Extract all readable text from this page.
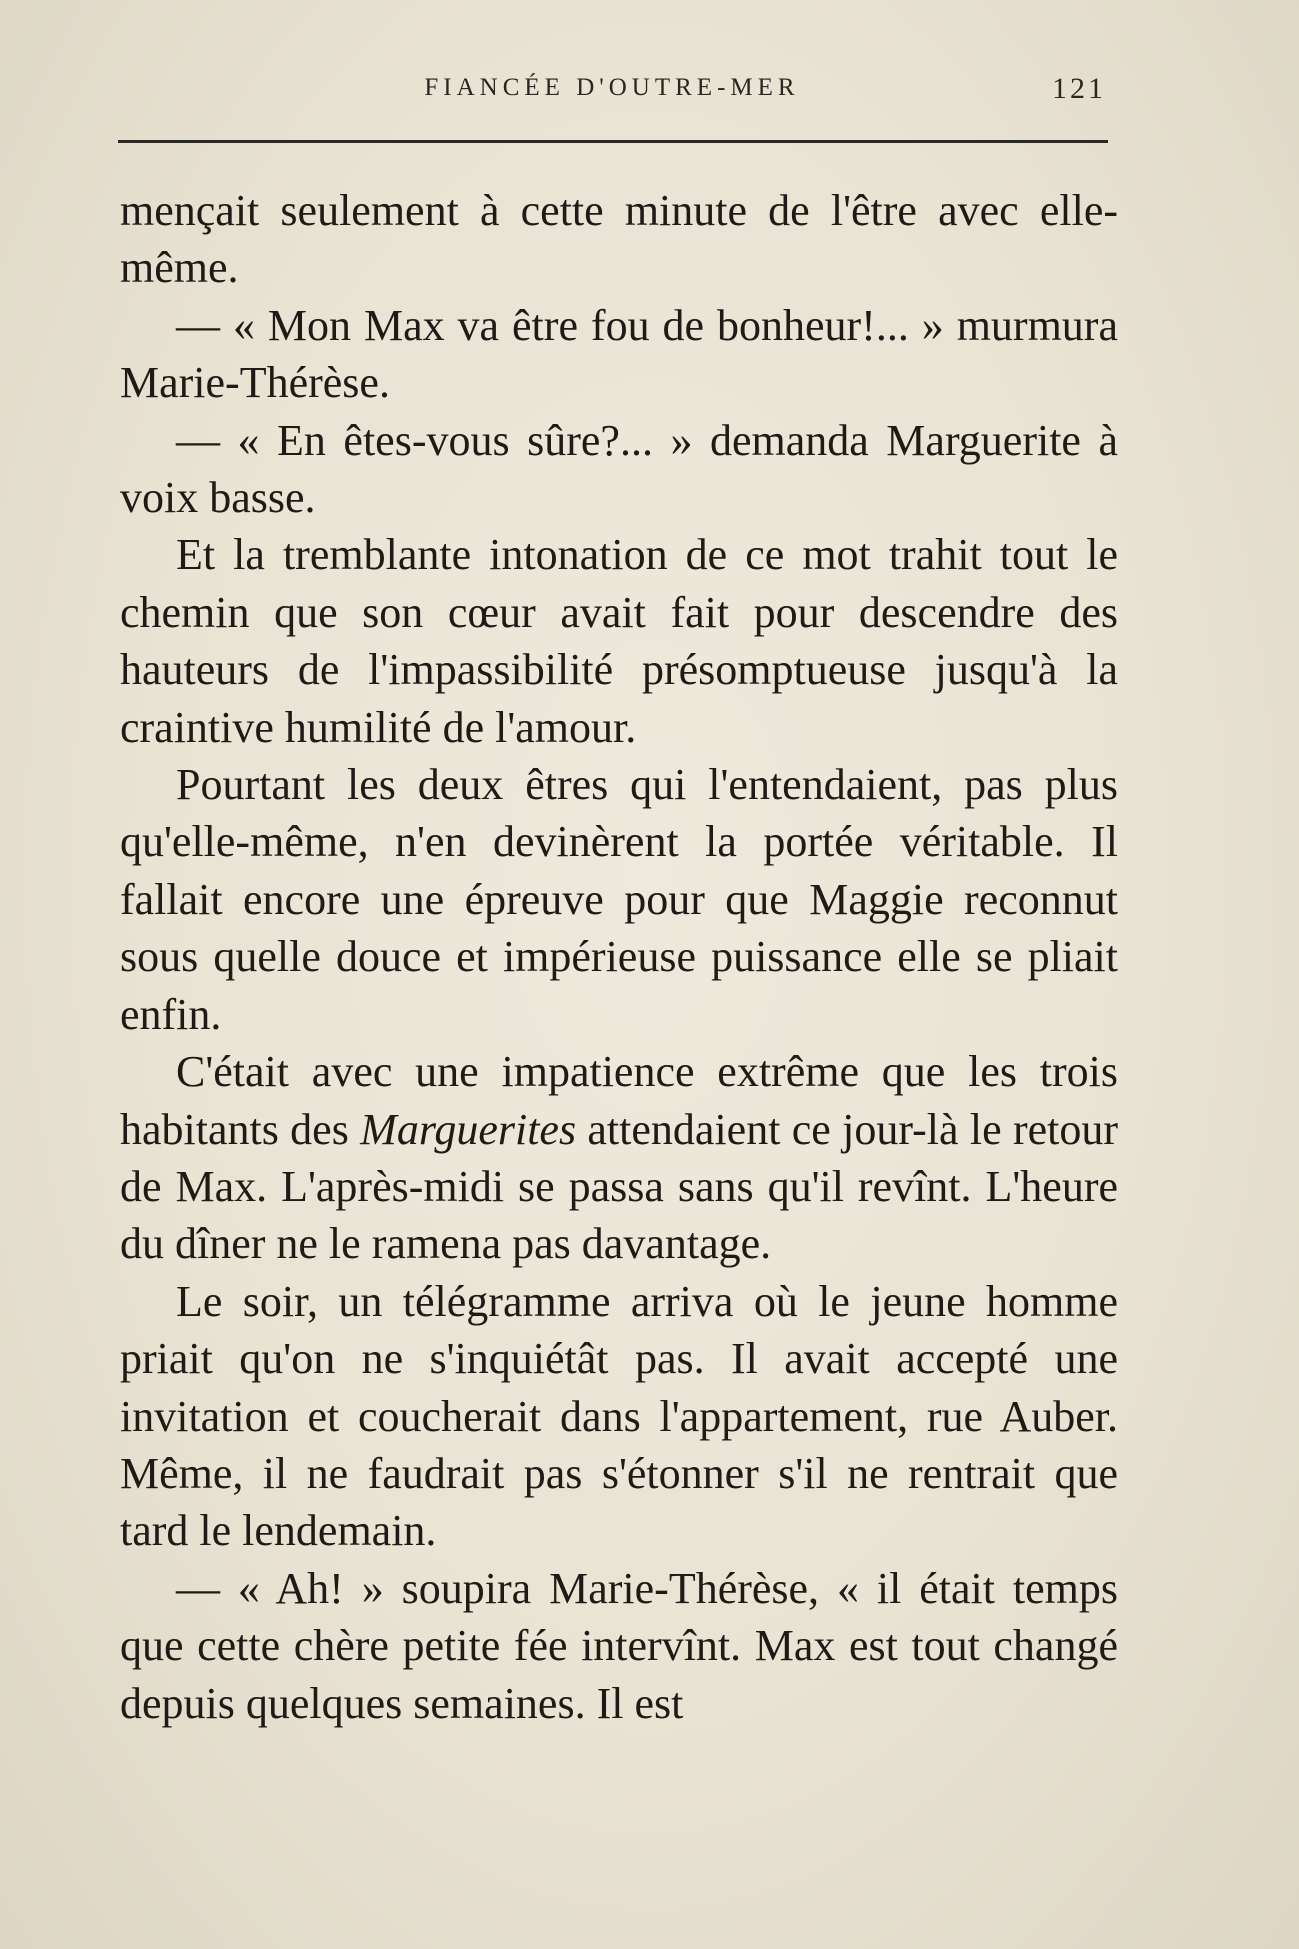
FIANCÉE D'OUTRE-MER	121

mençait seulement à cette minute de l'être avec elle-même.

— « Mon Max va être fou de bonheur!... » murmura Marie-Thérèse.

— « En êtes-vous sûre?... » demanda Marguerite à voix basse.

Et la tremblante intonation de ce mot trahit tout le chemin que son cœur avait fait pour descendre des hauteurs de l'impassibilité présomptueuse jusqu'à la craintive humilité de l'amour.

Pourtant les deux êtres qui l'entendaient, pas plus qu'elle-même, n'en devinèrent la portée véritable. Il fallait encore une épreuve pour que Maggie reconnut sous quelle douce et impérieuse puissance elle se pliait enfin.

C'était avec une impatience extrême que les trois habitants des Marguerites attendaient ce jour-là le retour de Max. L'après-midi se passa sans qu'il revînt. L'heure du dîner ne le ramena pas davantage.

Le soir, un télégramme arriva où le jeune homme priait qu'on ne s'inquiétât pas. Il avait accepté une invitation et coucherait dans l'appartement, rue Auber. Même, il ne faudrait pas s'étonner s'il ne rentrait que tard le lendemain.

— « Ah! » soupira Marie-Thérèse, « il était temps que cette chère petite fée intervînt. Max est tout changé depuis quelques semaines. Il est
